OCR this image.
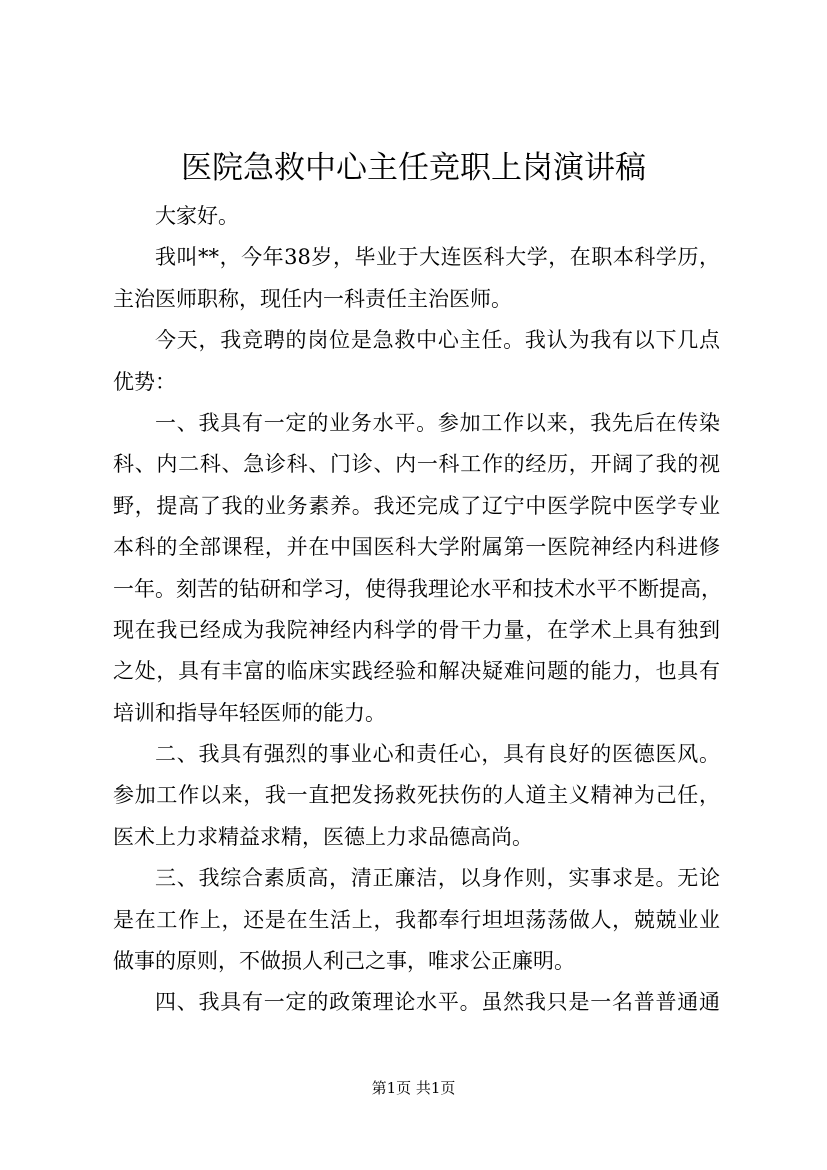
医院急救中心主任竞职上岗演讲稿
大家好。
我叫**，今年38岁，毕业于大连医科大学，在职本科学历，
主治医师职称，现任内一科责任主治医师。
今天，我竞聘的岗位是急救中心主任。我认为我有以下几点
优势：
一、我具有一定的业务水平。参加工作以来，我先后在传染
科、内二科、急诊科、门诊、内一科工作的经历，开阔了我的视
野，提高了我的业务素养。我还完成了辽宁中医学院中医学专业
本科的全部课程，并在中国医科大学附属第一医院神经内科进修
一年。刻苦的钻研和学习，使得我理论水平和技术水平不断提高，
现在我已经成为我院神经内科学的骨干力量，在学术上具有独到
之处，具有丰富的临床实践经验和解决疑难问题的能力，也具有
培训和指导年轻医师的能力。
二、我具有强烈的事业心和责任心，具有良好的医德医风。
参加工作以来，我一直把发扬救死扶伤的人道主义精神为己任，
医术上力求精益求精，医德上力求品德高尚。
三、我综合素质高，清正廉洁，以身作则，实事求是。无论
是在工作上，还是在生活上，我都奉行坦坦荡荡做人，兢兢业业
做事的原则，不做损人利己之事，唯求公正廉明。
四、我具有一定的政策理论水平。虽然我只是一名普普通通
第1页 共1页
